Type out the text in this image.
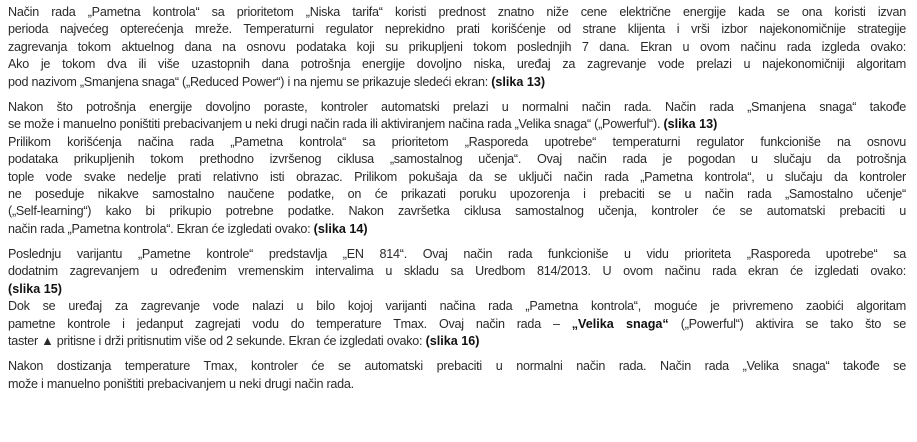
Način rada „Pametna kontrola“ sa prioritetom „Niska tarifa“ koristi prednost znatno niže cene električne energije kada se ona koristi izvan
perioda najvećeg opterećenja mreže. Temperaturni regulator neprekidno prati korišćenje od strane klijenta i vrši izbor najekonomičnije strategije
zagrevanja tokom aktuelnog dana na osnovu podataka koji su prikupljeni tokom poslednjih 7 dana. Ekran u ovom načinu rada izgleda ovako:
Ako je tokom dva ili više uzastopnih dana potrošnja energije dovoljno niska, uređaj za zagrevanje vode prelazi u najekonomičniji algoritam
pod nazivom „Smanjena snaga“ („Reduced Power“) i na njemu se prikazuje sledeći ekran: (slika 13)
Nakon što potrošnja energije dovoljno poraste, kontroler automatski prelazi u normalni način rada. Način rada „Smanjena snaga“ takođe
se može i manuelno poništiti prebacivanjem u neki drugi način rada ili aktiviranjem načina rada „Velika snaga“ („Powerful“). (slika 13)
Prilikom korišćenja načina rada „Pametna kontrola“ sa prioritetom „Rasporeda upotrebe“ temperaturni regulator funkcioniše na osnovu
podataka prikupljenih tokom prethodno izvršenog ciklusa „samostalnog učenja“. Ovaj način rada je pogodan u slučaju da potrošnja
tople vode svake nedelje prati relativno isti obrazac. Prilikom pokušaja da se uključi način rada „Pametna kontrola“, u slučaju da kontroler
ne poseduje nikakve samostalno naučene podatke, on će prikazati poruku upozorenja i prebaciti se u način rada „Samostalno učenje“
(„Self-learning“) kako bi prikupio potrebne podatke. Nakon završetka ciklusa samostalnog učenja, kontroler će se automatski prebaciti u
način rada „Pametna kontrola“. Ekran će izgledati ovako: (slika 14)
Poslednju varijantu „Pametne kontrole“ predstavlja „EN 814“. Ovaj način rada funkcioniše u vidu prioriteta „Rasporeda upotrebe“ sa
dodatnim zagrevanjem u određenim vremenskim intervalima u skladu sa Uredbom 814/2013. U ovom načinu rada ekran će izgledati ovako:
(slika 15)
Dok se uređaj za zagrevanje vode nalazi u bilo kojoj varijanti načina rada „Pametna kontrola“, moguće je privremeno zaobići algoritam
pametne kontrole i jedanput zagrejati vodu do temperature Tmax. Ovaj način rada – „Velika snaga“ („Powerful“) aktivira se tako što se
taster ▲ pritisne i drži pritisnutim više od 2 sekunde. Ekran će izgledati ovako: (slika 16)
Nakon dostizanja temperature Tmax, kontroler će se automatski prebaciti u normalni način rada. Način rada „Velika snaga“ takođe se
može i manuelno poništiti prebacivanjem u neki drugi način rada.
